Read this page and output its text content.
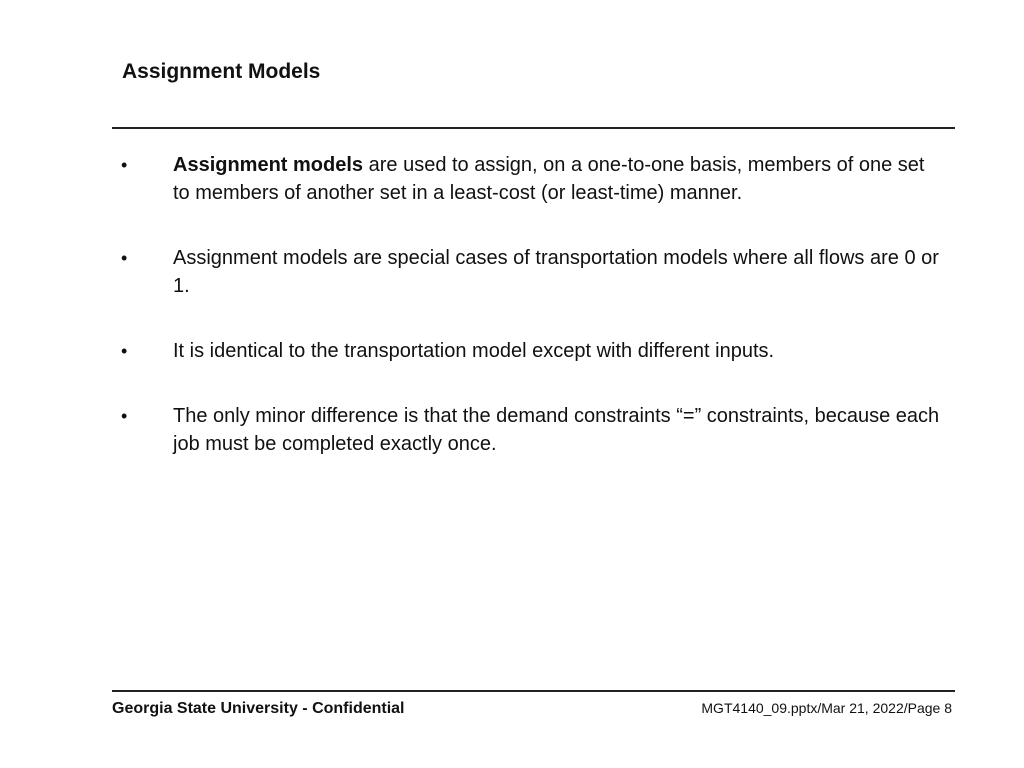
Assignment Models
• Assignment models are used to assign, on a one-to-one basis, members of one set to members of another set in a least-cost (or least-time) manner.
• Assignment models are special cases of transportation models where all flows are 0 or 1.
• It is identical to the transportation model except with different inputs.
• The only minor difference is that the demand constraints “=” constraints, because each job must be completed exactly once.
Georgia State University - Confidential	MGT4140_09.pptx/Mar 21, 2022/Page 8
